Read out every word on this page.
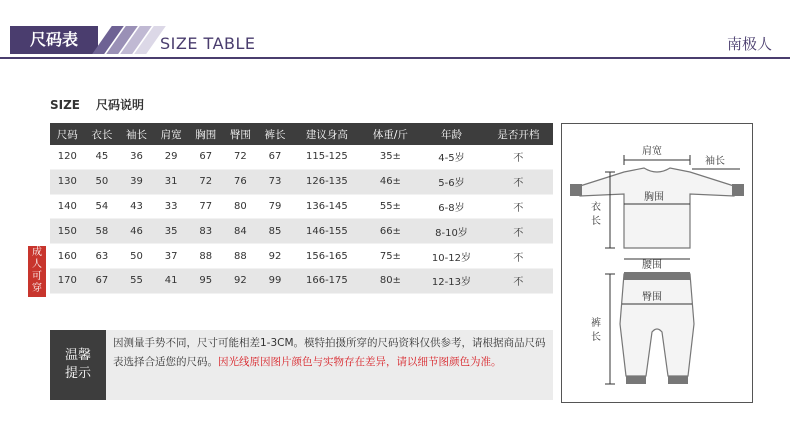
尺码表	SIZE TABLE	南极人
SIZE 尺码说明
尺码	衣长	袖长	肩宽	胸围	臀围	裤长	建议身高	体重/斤	年龄	是否开档
120	45	36	29	67	72	67	115-125	35±	4-5岁	不
130	50	39	31	72	76	73	126-135	46±	5-6岁	不
140	54	43	33	77	80	79	136-145	55±	6-8岁	不
150	58	46	35	83	84	85	146-155	66±	8-10岁	不
160	63	50	37	88	88	92	156-165	75±	10-12岁	不
170	67	55	41	95	92	99	166-175	80±	12-13岁	不
成人可穿
温馨提示
因测量手势不同，尺寸可能相差1-3CM。模特拍摄所穿的尺码资料仅供参考，请根据商品尺码表选择合适您的尺码。因光线原因图片颜色与实物存在差异，请以细节图颜色为准。
肩宽
袖长
胸围
衣
长
腰围
臀围
裤
长
